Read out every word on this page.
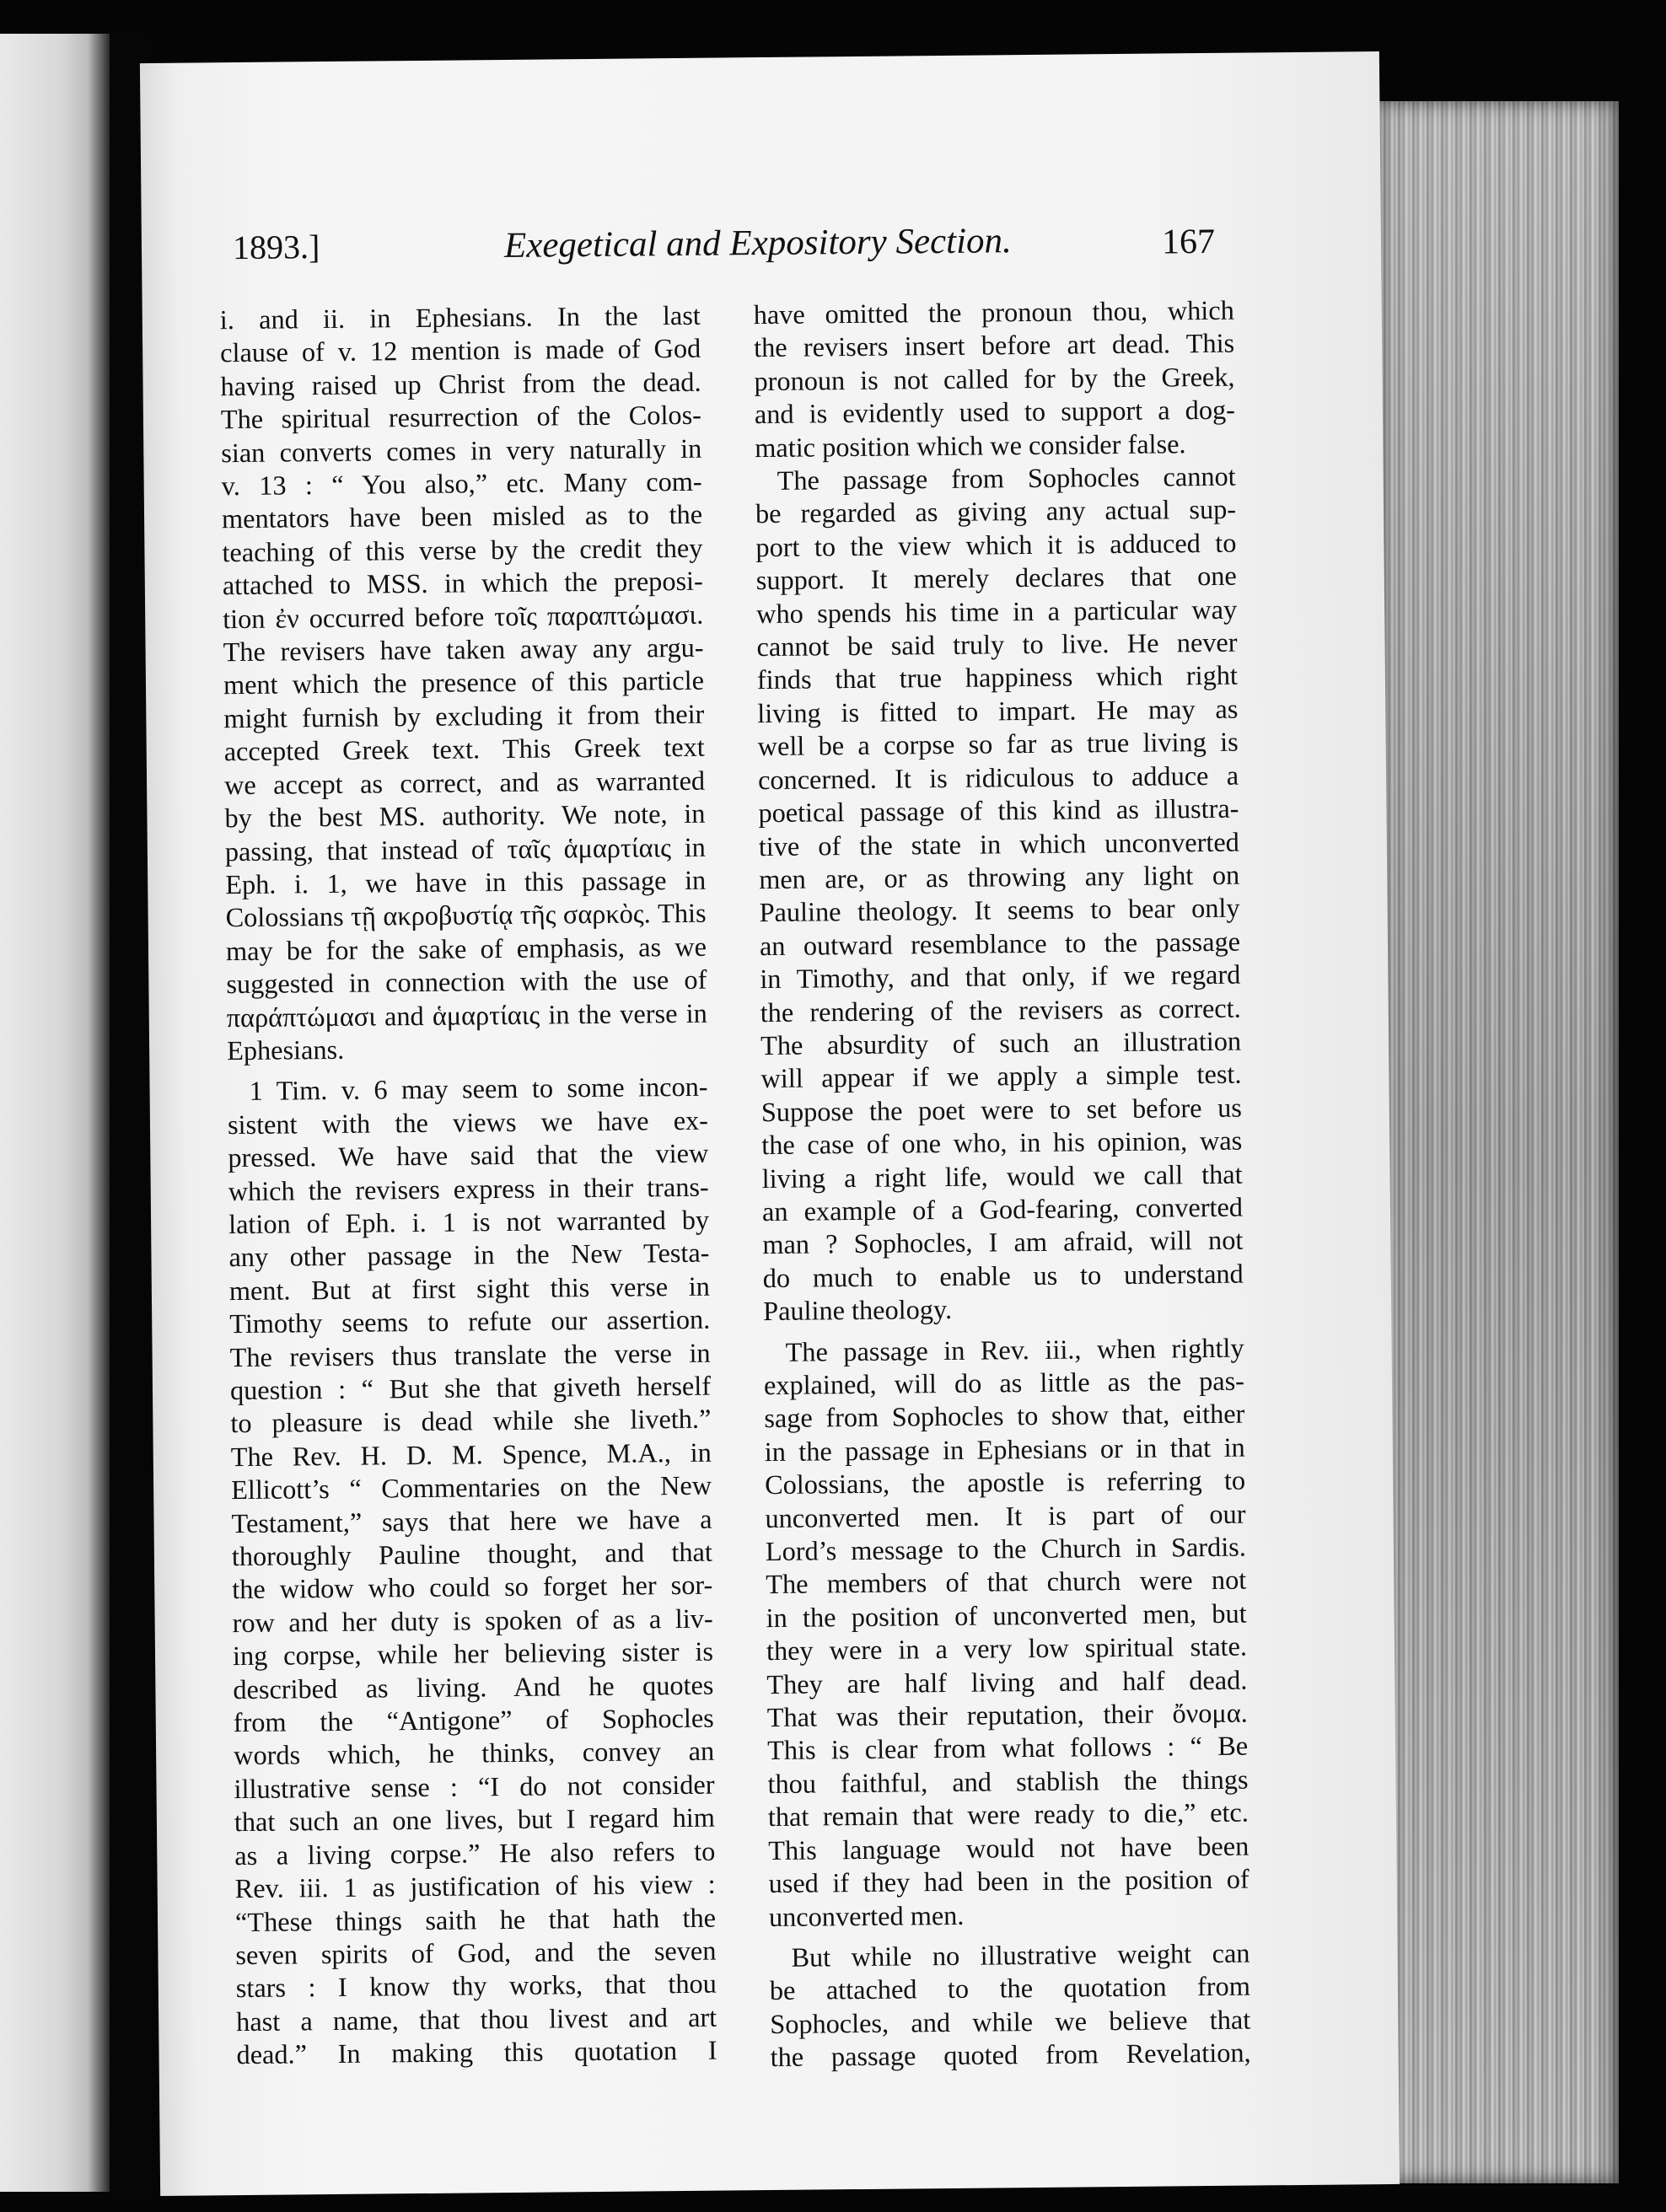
1893.]	Exegetical and Expository Section.	167
i. and ii. in Ephesians. In the last
clause of v. 12 mention is made of God
having raised up Christ from the dead.
The spiritual resurrection of the Colos-
sian converts comes in very naturally in
v. 13 : “ You also,” etc. Many com-
mentators have been misled as to the
teaching of this verse by the credit they
attached to MSS. in which the preposi-
tion ἐν occurred before τοῖς παραπτώμασι.
The revisers have taken away any argu-
ment which the presence of this particle
might furnish by excluding it from their
accepted Greek text. This Greek text
we accept as correct, and as warranted
by the best MS. authority. We note, in
passing, that instead of ταῖς ἁμαρτίαις in
Eph. i. 1, we have in this passage in
Colossians τῇ ακροβυστίᾳ τῆς σαρκὸς. This
may be for the sake of emphasis, as we
suggested in connection with the use of
παράπτώμασι and ἁμαρτίαις in the verse in
Ephesians.
1 Tim. v. 6 may seem to some incon-
sistent with the views we have ex-
pressed. We have said that the view
which the revisers express in their trans-
lation of Eph. i. 1 is not warranted by
any other passage in the New Testa-
ment. But at first sight this verse in
Timothy seems to refute our assertion.
The revisers thus translate the verse in
question : “ But she that giveth herself
to pleasure is dead while she liveth.”
The Rev. H. D. M. Spence, M.A., in
Ellicott’s “ Commentaries on the New
Testament,” says that here we have a
thoroughly Pauline thought, and that
the widow who could so forget her sor-
row and her duty is spoken of as a liv-
ing corpse, while her believing sister is
described as living. And he quotes
from the “Antigone” of Sophocles
words which, he thinks, convey an
illustrative sense : “I do not consider
that such an one lives, but I regard him
as a living corpse.” He also refers to
Rev. iii. 1 as justification of his view :
“These things saith he that hath the
seven spirits of God, and the seven
stars : I know thy works, that thou
hast a name, that thou livest and art
dead.” In making this quotation I
have omitted the pronoun thou, which
the revisers insert before art dead. This
pronoun is not called for by the Greek,
and is evidently used to support a dog-
matic position which we consider false.
The passage from Sophocles cannot
be regarded as giving any actual sup-
port to the view which it is adduced to
support. It merely declares that one
who spends his time in a particular way
cannot be said truly to live. He never
finds that true happiness which right
living is fitted to impart. He may as
well be a corpse so far as true living is
concerned. It is ridiculous to adduce a
poetical passage of this kind as illustra-
tive of the state in which unconverted
men are, or as throwing any light on
Pauline theology. It seems to bear only
an outward resemblance to the passage
in Timothy, and that only, if we regard
the rendering of the revisers as correct.
The absurdity of such an illustration
will appear if we apply a simple test.
Suppose the poet were to set before us
the case of one who, in his opinion, was
living a right life, would we call that
an example of a God-fearing, converted
man ? Sophocles, I am afraid, will not
do much to enable us to understand
Pauline theology.
The passage in Rev. iii., when rightly
explained, will do as little as the pas-
sage from Sophocles to show that, either
in the passage in Ephesians or in that in
Colossians, the apostle is referring to
unconverted men. It is part of our
Lord’s message to the Church in Sardis.
The members of that church were not
in the position of unconverted men, but
they were in a very low spiritual state.
They are half living and half dead.
That was their reputation, their ὄνομα.
This is clear from what follows : “ Be
thou faithful, and stablish the things
that remain that were ready to die,” etc.
This language would not have been
used if they had been in the position of
unconverted men.
But while no illustrative weight can
be attached to the quotation from
Sophocles, and while we believe that
the passage quoted from Revelation,
